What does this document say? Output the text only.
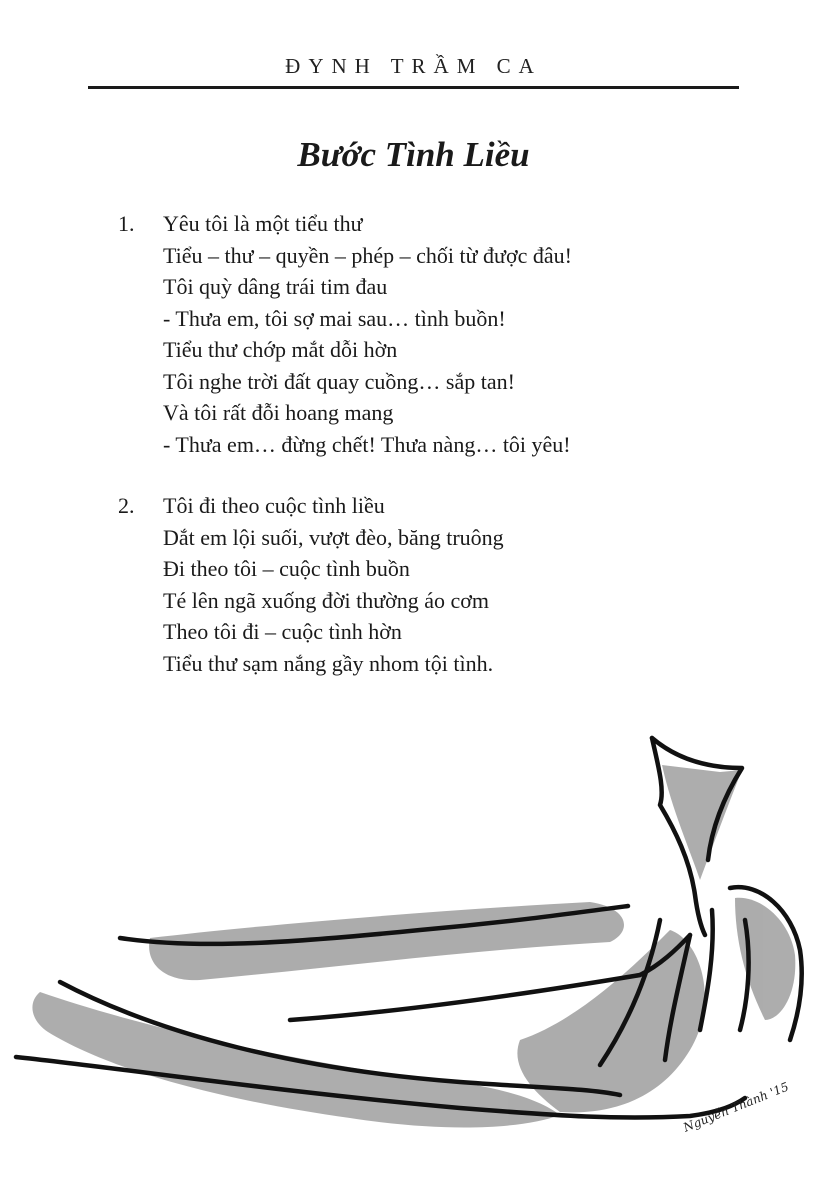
ĐYNH TRẦM CA
Bước Tình Liều
1. Yêu tôi là một tiểu thư
Tiểu – thư – quyền – phép – chối từ được đâu!
Tôi quỳ dâng trái tim đau
- Thưa em, tôi sợ mai sau… tình buồn!
Tiểu thư chớp mắt dỗi hờn
Tôi nghe trời đất quay cuồng… sắp tan!
Và tôi rất đỗi hoang mang
- Thưa em… đừng chết! Thưa nàng… tôi yêu!
2. Tôi đi theo cuộc tình liều
Dắt em lội suối, vượt đèo, băng truông
Đi theo tôi – cuộc tình buồn
Té lên ngã xuống đời thường áo cơm
Theo tôi đi – cuộc tình hờn
Tiểu thư sạm nắng gầy nhom tội tình.
Nguyễn Thành '15
